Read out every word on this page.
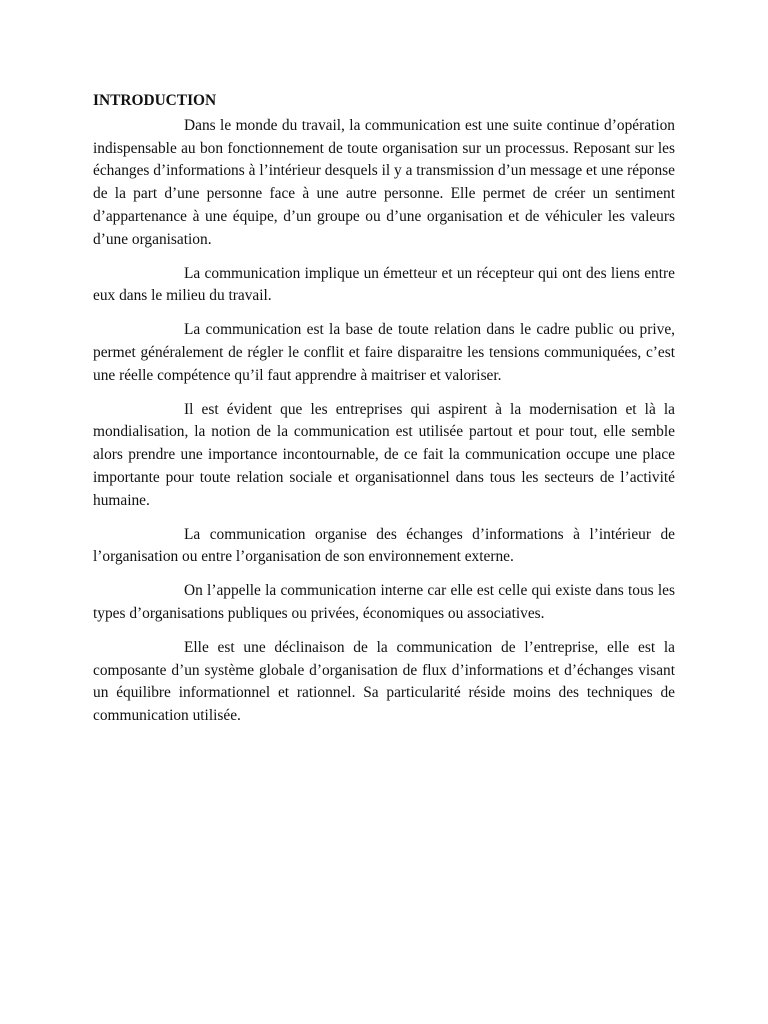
INTRODUCTION

Dans le monde du travail, la communication est une suite continue d’opération indispensable au bon fonctionnement de toute organisation sur un processus. Reposant sur les échanges d’informations à l’intérieur desquels il y a transmission d’un message et une réponse de la part d’une personne face à une autre personne. Elle permet de créer un sentiment d’appartenance à une équipe, d’un groupe ou d’une organisation et de véhiculer les valeurs d’une organisation.

La communication implique un émetteur et un récepteur qui ont des liens entre eux dans le milieu du travail.

La communication est la base de toute relation dans le cadre public ou prive, permet généralement de régler le conflit et faire disparaitre les tensions communiquées, c’est une réelle compétence qu’il faut apprendre à maitriser et valoriser.

Il est évident que les entreprises qui aspirent à la modernisation et là la mondialisation, la notion de la communication est utilisée partout et pour tout, elle semble alors prendre une importance incontournable, de ce fait la communication occupe une place importante pour toute relation sociale et organisationnel dans tous les secteurs de l’activité humaine.

La communication organise des échanges d’informations à l’intérieur de l’organisation ou entre l’organisation de son environnement externe.

On l’appelle la communication interne car elle est celle qui existe dans tous les types d’organisations publiques ou privées, économiques ou associatives.

Elle est une déclinaison de la communication de l’entreprise, elle est la composante d’un système globale d’organisation de flux d’informations et d’échanges visant un équilibre informationnel et rationnel. Sa particularité réside moins des techniques de communication utilisée.
